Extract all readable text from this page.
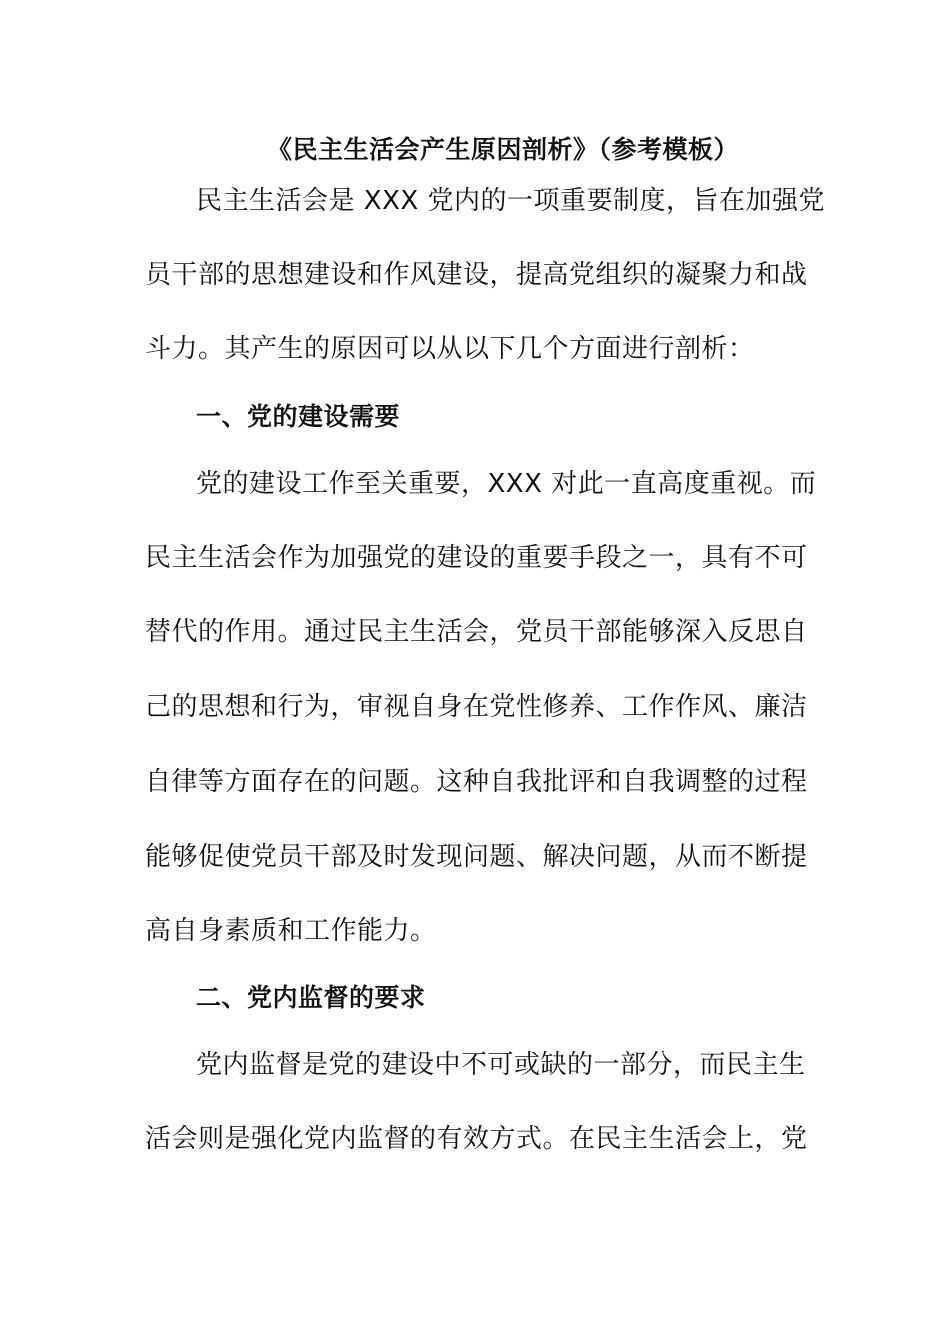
《民主生活会产生原因剖析》（参考模板）
民主生活会是 XXX 党内的一项重要制度，旨在加强党
员干部的思想建设和作风建设，提高党组织的凝聚力和战
斗力。其产生的原因可以从以下几个方面进行剖析：
一、党的建设需要
党的建设工作至关重要，XXX 对此一直高度重视。而
民主生活会作为加强党的建设的重要手段之一，具有不可
替代的作用。通过民主生活会，党员干部能够深入反思自
己的思想和行为，审视自身在党性修养、工作作风、廉洁
自律等方面存在的问题。这种自我批评和自我调整的过程
能够促使党员干部及时发现问题、解决问题，从而不断提
高自身素质和工作能力。
二、党内监督的要求
党内监督是党的建设中不可或缺的一部分，而民主生
活会则是强化党内监督的有效方式。在民主生活会上，党
